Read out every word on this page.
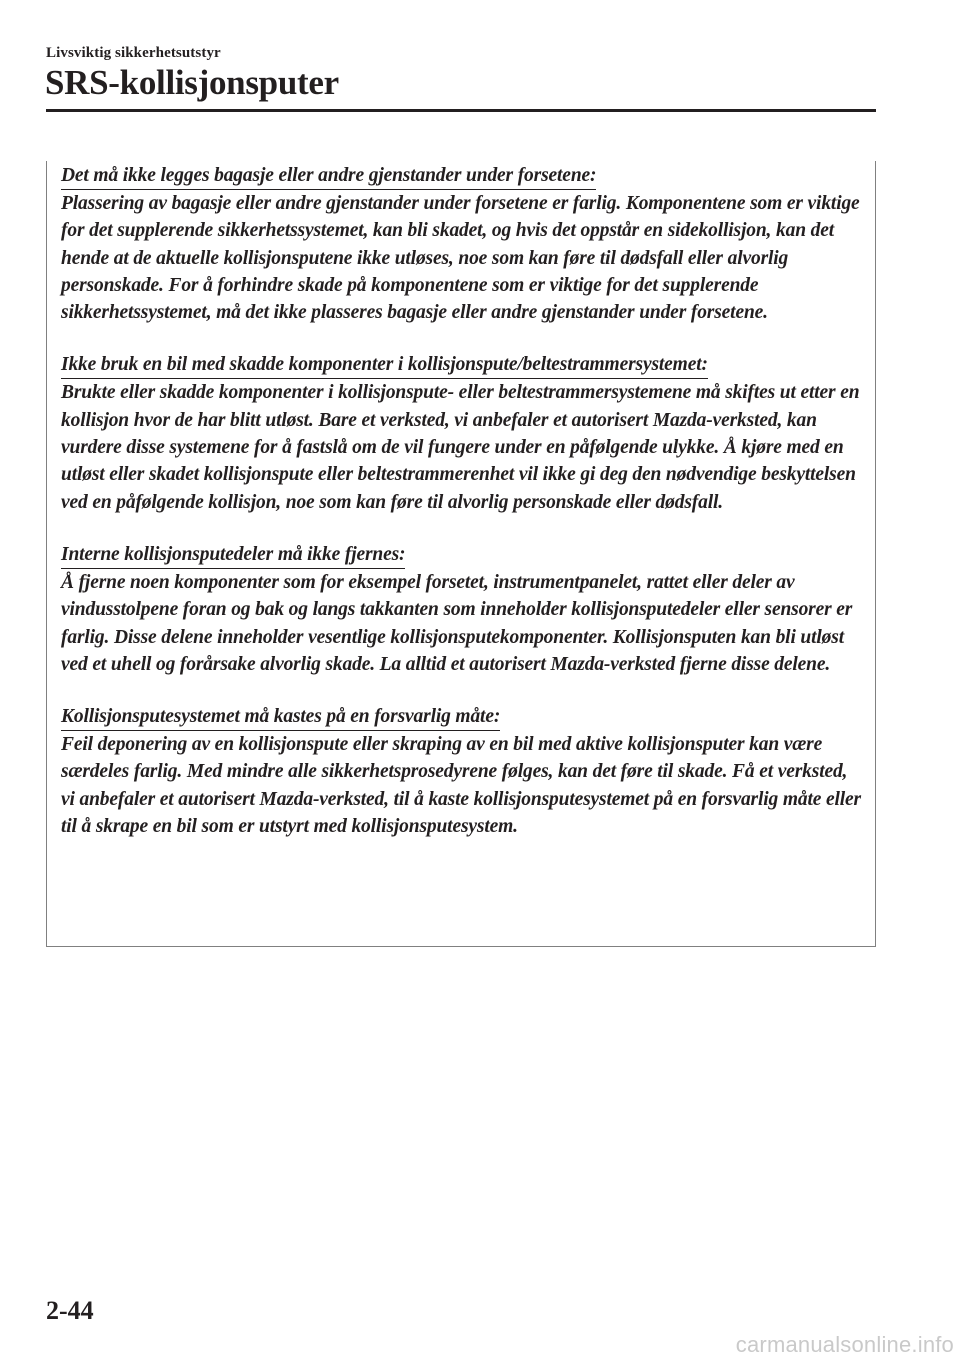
Livsviktig sikkerhetsutstyr
SRS-kollisjonsputer
Det må ikke legges bagasje eller andre gjenstander under forsetene:
Plassering av bagasje eller andre gjenstander under forsetene er farlig. Komponentene som er viktige for det supplerende sikkerhetssystemet, kan bli skadet, og hvis det oppstår en sidekollisjon, kan det hende at de aktuelle kollisjonsputene ikke utløses, noe som kan føre til dødsfall eller alvorlig personskade. For å forhindre skade på komponentene som er viktige for det supplerende sikkerhetssystemet, må det ikke plasseres bagasje eller andre gjenstander under forsetene.
Ikke bruk en bil med skadde komponenter i kollisjonspute/beltestrammersystemet:
Brukte eller skadde komponenter i kollisjonspute- eller beltestrammersystemene må skiftes ut etter en kollisjon hvor de har blitt utløst. Bare et verksted, vi anbefaler et autorisert Mazda-verksted, kan vurdere disse systemene for å fastslå om de vil fungere under en påfølgende ulykke. Å kjøre med en utløst eller skadet kollisjonspute eller beltestrammerenhet vil ikke gi deg den nødvendige beskyttelsen ved en påfølgende kollisjon, noe som kan føre til alvorlig personskade eller dødsfall.
Interne kollisjonsputedeler må ikke fjernes:
Å fjerne noen komponenter som for eksempel forsetet, instrumentpanelet, rattet eller deler av vindusstolpene foran og bak og langs takkanten som inneholder kollisjonsputedeler eller sensorer er farlig. Disse delene inneholder vesentlige kollisjonsputekomponenter. Kollisjonsputen kan bli utløst ved et uhell og forårsake alvorlig skade. La alltid et autorisert Mazda-verksted fjerne disse delene.
Kollisjonsputesystemet må kastes på en forsvarlig måte:
Feil deponering av en kollisjonspute eller skraping av en bil med aktive kollisjonsputer kan være særdeles farlig. Med mindre alle sikkerhetsprosedyrene følges, kan det føre til skade. Få et verksted, vi anbefaler et autorisert Mazda-verksted, til å kaste kollisjonsputesystemet på en forsvarlig måte eller til å skrape en bil som er utstyrt med kollisjonsputesystem.
2-44
carmanualsonline.info
